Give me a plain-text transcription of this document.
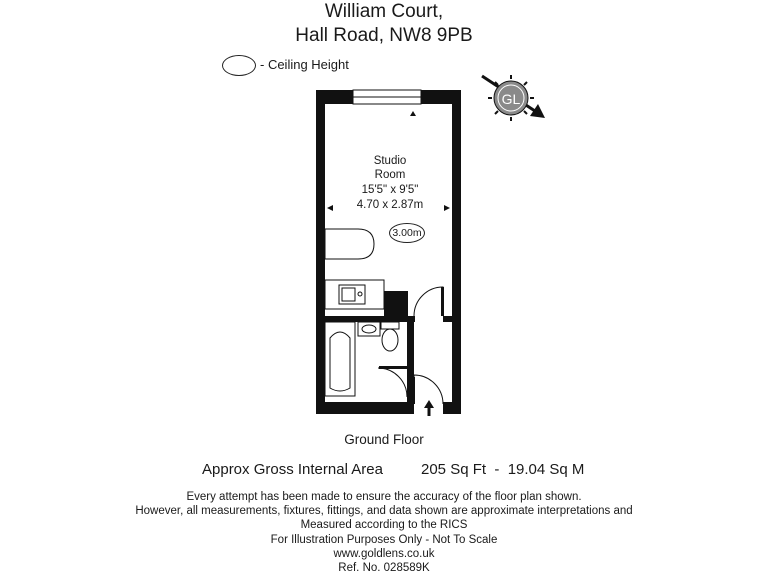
William Court,
Hall Road, NW8 9PB
- Ceiling Height
GL
Studio
Room
15'5" x 9'5"
4.70 x 2.87m
3.00m
Ground Floor
Approx Gross Internal Area	205 Sq Ft  -  19.04 Sq M
Every attempt has been made to ensure the accuracy of the floor plan shown.
However, all measurements, fixtures, fittings, and data shown are approximate interpretations and
Measured according to the RICS
For Illustration Purposes Only - Not To Scale
www.goldlens.co.uk
Ref. No. 028589K
